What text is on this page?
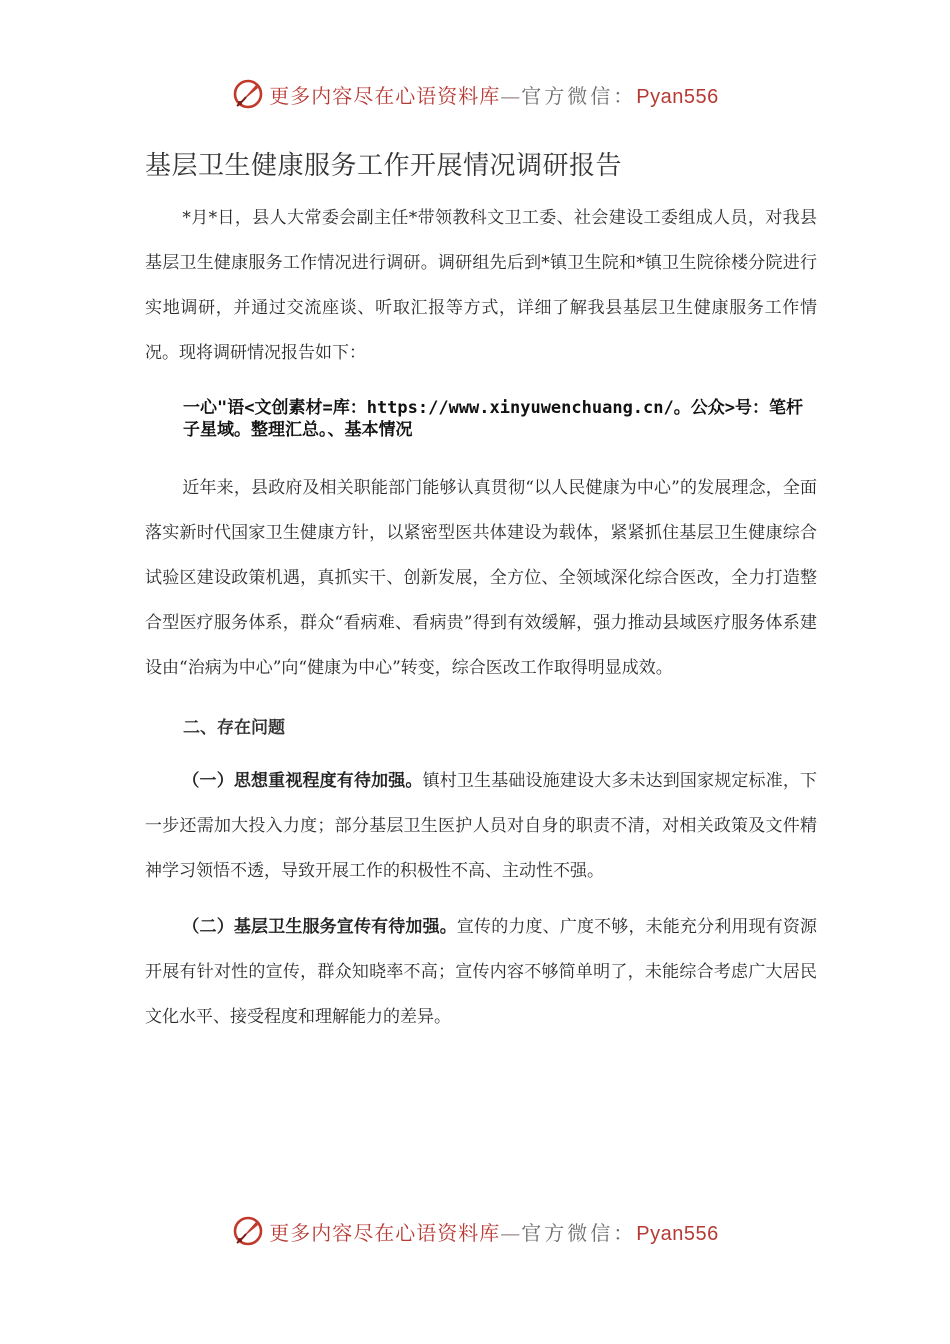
更多内容尽在心语资料库—官方微信：Pyan556
基层卫生健康服务工作开展情况调研报告
*月*日，县人大常委会副主任*带领教科文卫工委、社会建设工委组成人员，对我县基层卫生健康服务工作情况进行调研。调研组先后到*镇卫生院和*镇卫生院徐楼分院进行实地调研，并通过交流座谈、听取汇报等方式，详细了解我县基层卫生健康服务工作情况。现将调研情况报告如下：
一心"语<文创素材=库：https://www.xinyuwenchuang.cn/。公众>号：笔杆子星域。整理汇总。、基本情况
近年来，县政府及相关职能部门能够认真贯彻“以人民健康为中心”的发展理念，全面落实新时代国家卫生健康方针，以紧密型医共体建设为载体，紧紧抓住基层卫生健康综合试验区建设政策机遇，真抓实干、创新发展，全方位、全领域深化综合医改，全力打造整合型医疗服务体系，群众“看病难、看病贵”得到有效缓解，强力推动县域医疗服务体系建设由“治病为中心”向“健康为中心”转变，综合医改工作取得明显成效。
二、存在问题
（一）思想重视程度有待加强。镇村卫生基础设施建设大多未达到国家规定标准，下一步还需加大投入力度；部分基层卫生医护人员对自身的职责不清，对相关政策及文件精神学习领悟不透，导致开展工作的积极性不高、主动性不强。
（二）基层卫生服务宣传有待加强。宣传的力度、广度不够，未能充分利用现有资源开展有针对性的宣传，群众知晓率不高；宣传内容不够简单明了，未能综合考虑广大居民文化水平、接受程度和理解能力的差异。
更多内容尽在心语资料库—官方微信：Pyan556
